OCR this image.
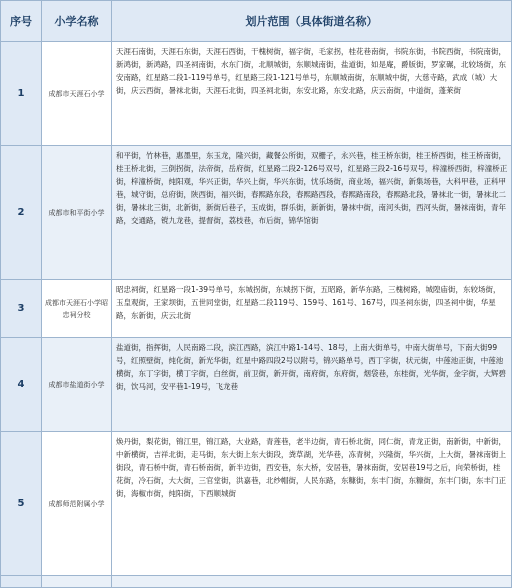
序号	小学名称	划片范围（具体街道名称）
1	成都市天涯石小学	天涯石南街，天涯石东街，天涯石西街，干槐树街，福字街，毛家拐，桂花巷南街，书院东街，书院西街，书院南街，新鸿街，新鸿路，四圣祠南街，水东门街，北顺城街，东顺城南街，盐道街，如是庵，爵版街，罗家碾，北较场街，东安南路，红星路二段1-119号单号，红星路三段1-121号单号，东顺城南街，东顺城中街，大慈寺路，武成（城）大街，庆云西街，暑袜北街，天涯石北街，四圣祠北街，东安北路，东安北路，庆云南街，中道街，蓬莱街
2	成都市和平街小学	和平街，竹林巷，惠墨里，东玉龙，隆兴街，藏餐公所街，双栅子，永兴巷，桂王桥东街，桂王桥西街，桂王桥南街，桂王桥北街，三倒拐街，法帝街，岳府街，红星路二段2-126号双号，红星路三段2-16号双号，梓潼桥西街，梓潼桥正街，梓潼桥街，纯阳观，华兴正街，华兴上街，华兴东街，忧乐场街，商业场，福兴街，新集场巷，大科甲巷，正科甲巷，城守街，总府街，陕西街，福兴街，春熙路东段，春熙路西段，春熙路南段，春熙路北段，暑袜北一街，暑袜北二街，暑袜北三街，北新街，新街后巷子，玉成街，群乐街，新新街，暑袜中街，南河头街，西河头街，暑袜南街，青年路，交通路，镋九龙巷，提督街，荔枝巷，布后街，锦华馆街
3	成都市天涯石小学昭忠祠分校	昭忠祠街，红星路一段1-39号单号，东城拐街，东城拐下街，五昭路，新华东路，三槐树路，城隍庙街，东较场街，玉皇观街，王家坝街，五世同堂街，红星路二段119号、159号、161号、167号，四圣祠东街，四圣祠中街，华星路，东新街，庆云北街
4	成都市盐道街小学	盐道街，指挥街，人民南路二段，滨江西路，滨江中路1-14号、18号，上南大街单号，中南大街单号，下南大街99号，红照壁街，纯化街，新光华街，红星中路四段2号以附号，锦兴路单号，西丁字街，状元街，中莲池正街，中莲池横街，东丁字街，横丁字街，白丝街，前卫街，新开街，南府街，东府街，烟袋巷，东桂街，光华街，金字街，大辉碧街，饮马河，安平巷1-19号，飞龙巷
5	成都师范附属小学	焕丹街，梨花街，锦江里，锦江路，大业路，青莲巷，老半边街，青石桥北街，同仁街，青龙正街，南新街，中新街，中新横街，吉祥北街，走马街，东大街上东大街段，粪草湖，光华巷，冻青树，兴隆街，华兴街，上大街，暑袜南街上街段，青石桥中街，青石桥南街，新半边街，西安巷，东大桥，安居巷，暑袜南街，安居巷19号之后，向荣桥街，桂花街，冷石街，大大街，三官堂街，洪嘉巷，北纱帽街，人民东路，东糠街，东丰门街，东糠街，东丰门街，东丰门正街，海椒市街，纯阳街，下西顺城街
